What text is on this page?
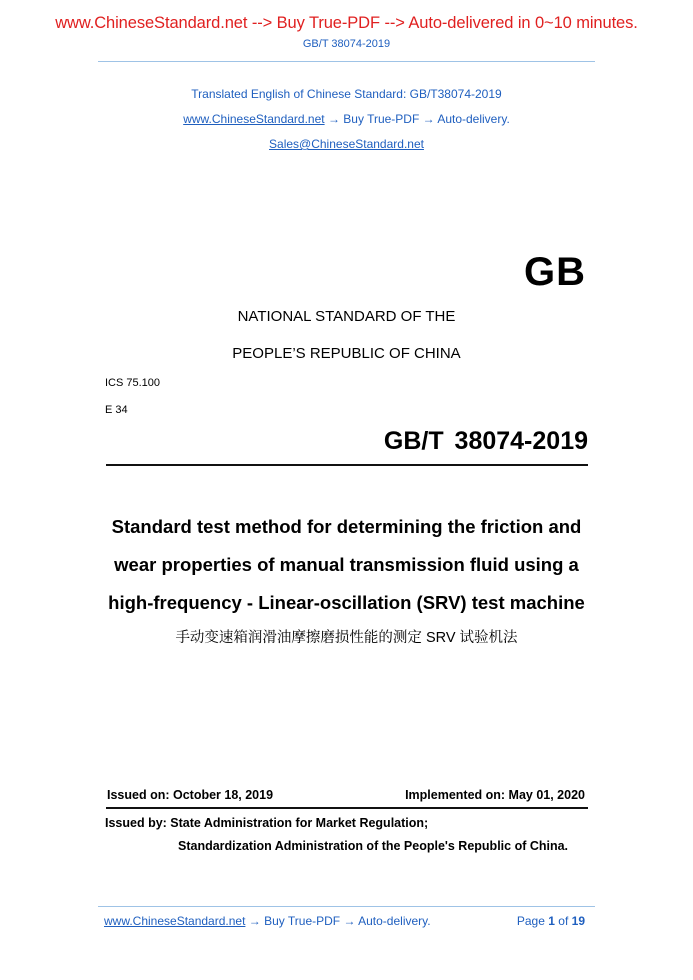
www.ChineseStandard.net --> Buy True-PDF --> Auto-delivered in 0~10 minutes.
GB/T 38074-2019
Translated English of Chinese Standard: GB/T38074-2019
www.ChineseStandard.net → Buy True-PDF → Auto-delivery.
Sales@ChineseStandard.net
GB
NATIONAL STANDARD OF THE
PEOPLE’S REPUBLIC OF CHINA
ICS 75.100
E 34
GB/T 38074-2019
Standard test method for determining the friction and
wear properties of manual transmission fluid using a
high-frequency - Linear-oscillation (SRV) test machine
手动变速箱润滑油摩擦磨损性能的测定 SRV 试验机法
Issued on: October 18, 2019	Implemented on: May 01, 2020
Issued by: State Administration for Market Regulation;
Standardization Administration of the People's Republic of China.
www.ChineseStandard.net → Buy True-PDF → Auto-delivery.	Page 1 of 19
